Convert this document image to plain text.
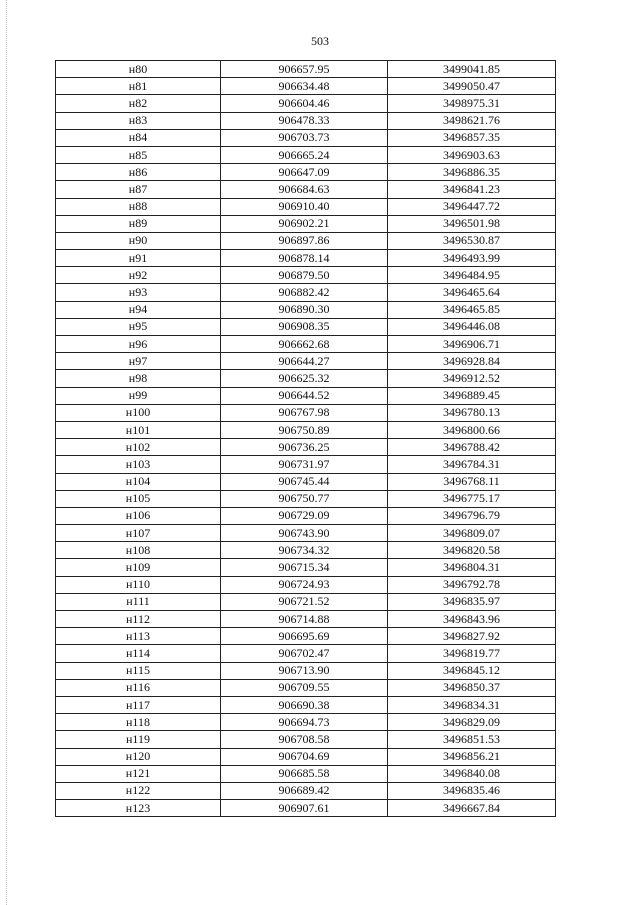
503
н80	906657.95	3499041.85
н81	906634.48	3499050.47
н82	906604.46	3498975.31
н83	906478.33	3498621.76
н84	906703.73	3496857.35
н85	906665.24	3496903.63
н86	906647.09	3496886.35
н87	906684.63	3496841.23
н88	906910.40	3496447.72
н89	906902.21	3496501.98
н90	906897.86	3496530.87
н91	906878.14	3496493.99
н92	906879.50	3496484.95
н93	906882.42	3496465.64
н94	906890.30	3496465.85
н95	906908.35	3496446.08
н96	906662.68	3496906.71
н97	906644.27	3496928.84
н98	906625.32	3496912.52
н99	906644.52	3496889.45
н100	906767.98	3496780.13
н101	906750.89	3496800.66
н102	906736.25	3496788.42
н103	906731.97	3496784.31
н104	906745.44	3496768.11
н105	906750.77	3496775.17
н106	906729.09	3496796.79
н107	906743.90	3496809.07
н108	906734.32	3496820.58
н109	906715.34	3496804.31
н110	906724.93	3496792.78
н111	906721.52	3496835.97
н112	906714.88	3496843.96
н113	906695.69	3496827.92
н114	906702.47	3496819.77
н115	906713.90	3496845.12
н116	906709.55	3496850.37
н117	906690.38	3496834.31
н118	906694.73	3496829.09
н119	906708.58	3496851.53
н120	906704.69	3496856.21
н121	906685.58	3496840.08
н122	906689.42	3496835.46
н123	906907.61	3496667.84
